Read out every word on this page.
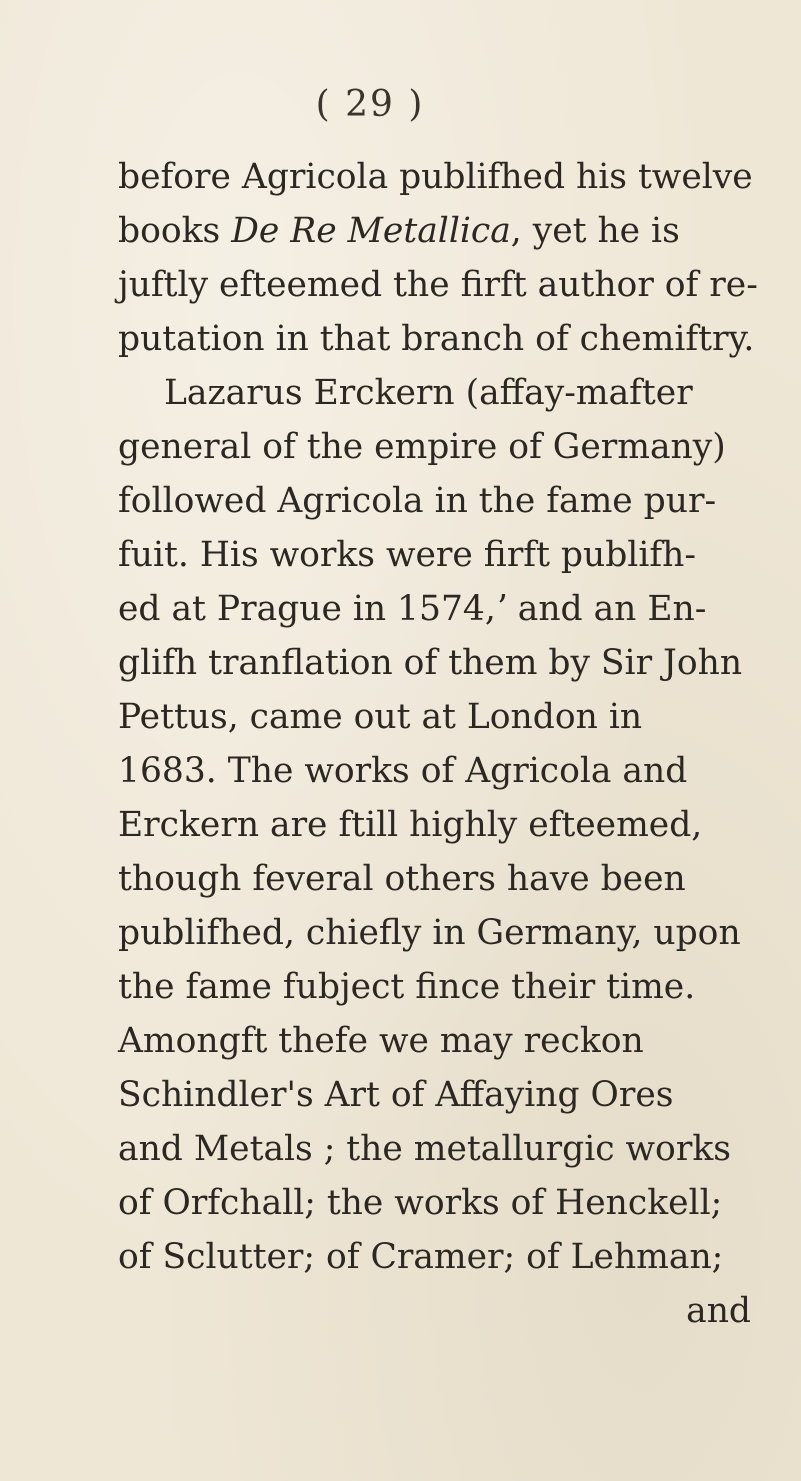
( 29 )
before Agricola publifhed his twelve
books De Re Metallica, yet he is
juftly efteemed the firft author of re-
putation in that branch of chemiftry.
Lazarus Erckern (affay-mafter
general of the empire of Germany)
followed Agricola in the fame pur-
fuit. His works were firft publifh-
ed at Prague in 1574,ʼ and an En-
glifh tranflation of them by Sir John
Pettus, came out at London in
1683. The works of Agricola and
Erckern are ftill highly efteemed,
though feveral others have been
publifhed, chiefly in Germany, upon
the fame fubject fince their time.
Amongft thefe we may reckon
Schindler's Art of Affaying Ores
and Metals ; the metallurgic works
of Orfchall; the works of Henckell;
of Sclutter; of Cramer; of Lehman;
and
